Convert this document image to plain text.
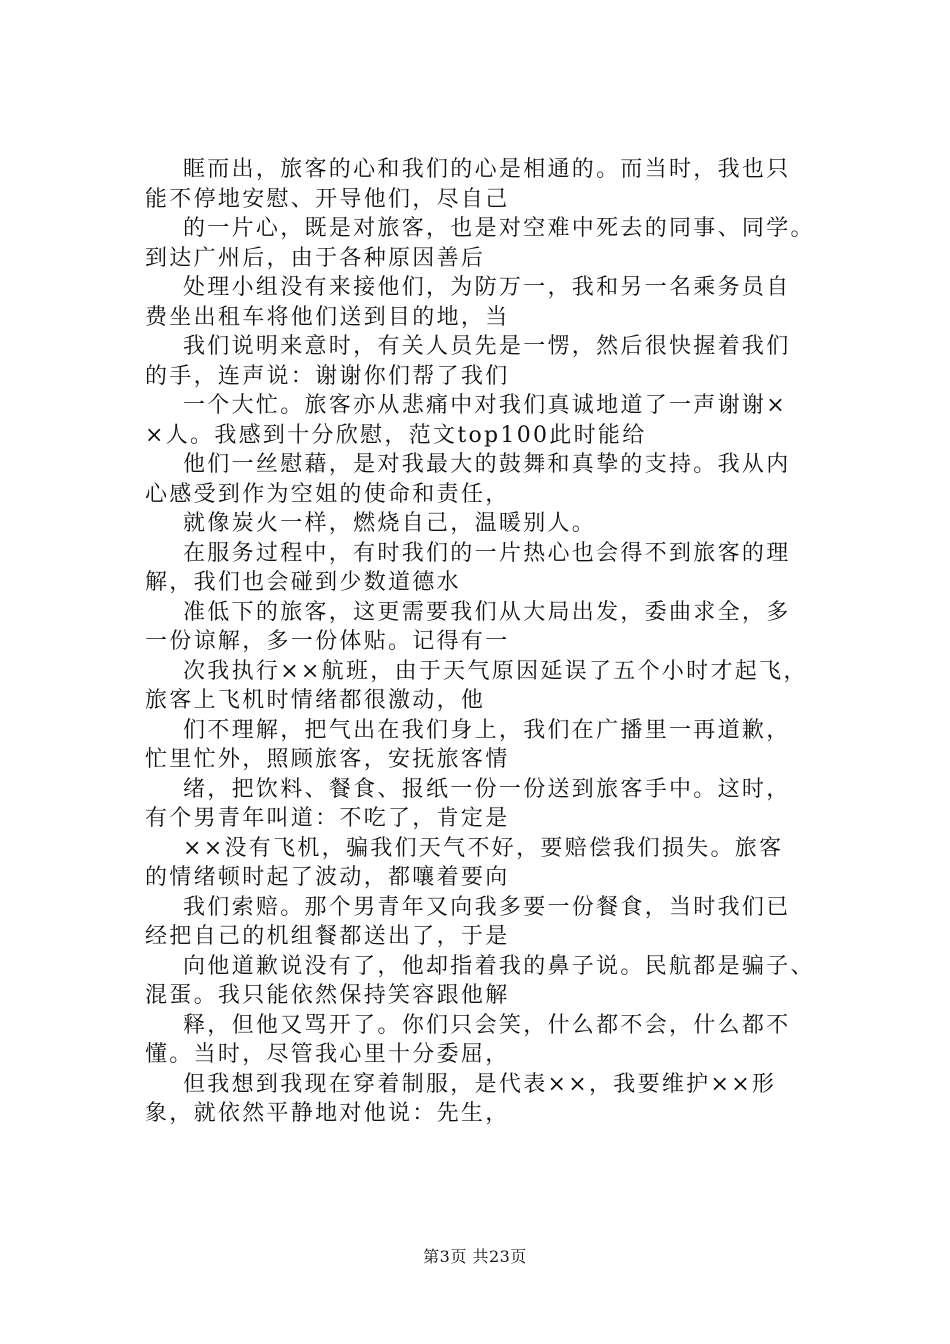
眶而出，旅客的心和我们的心是相通的。而当时，我也只
能不停地安慰、开导他们，尽自己

的一片心，既是对旅客，也是对空难中死去的同事、同学。
到达广州后，由于各种原因善后

处理小组没有来接他们，为防万一，我和另一名乘务员自
费坐出租车将他们送到目的地，当

我们说明来意时，有关人员先是一愣，然后很快握着我们
的手，连声说：谢谢你们帮了我们

一个大忙。旅客亦从悲痛中对我们真诚地道了一声谢谢×
×人。我感到十分欣慰，范文top100此时能给

他们一丝慰藉，是对我最大的鼓舞和真挚的支持。我从内
心感受到作为空姐的使命和责任，

就像炭火一样，燃烧自己，温暖别人。

在服务过程中，有时我们的一片热心也会得不到旅客的理
解，我们也会碰到少数道德水

准低下的旅客，这更需要我们从大局出发，委曲求全，多
一份谅解，多一份体贴。记得有一

次我执行××航班，由于天气原因延误了五个小时才起飞，
旅客上飞机时情绪都很激动，他

们不理解，把气出在我们身上，我们在广播里一再道歉，
忙里忙外，照顾旅客，安抚旅客情

绪，把饮料、餐食、报纸一份一份送到旅客手中。这时，
有个男青年叫道：不吃了，肯定是

××没有飞机，骗我们天气不好，要赔偿我们损失。旅客
的情绪顿时起了波动，都嚷着要向

我们索赔。那个男青年又向我多要一份餐食，当时我们已
经把自己的机组餐都送出了，于是

向他道歉说没有了，他却指着我的鼻子说。民航都是骗子、
混蛋。我只能依然保持笑容跟他解

释，但他又骂开了。你们只会笑，什么都不会，什么都不
懂。当时，尽管我心里十分委屈，

但我想到我现在穿着制服，是代表××，我要维护××形
象，就依然平静地对他说：先生，

第3页 共23页
